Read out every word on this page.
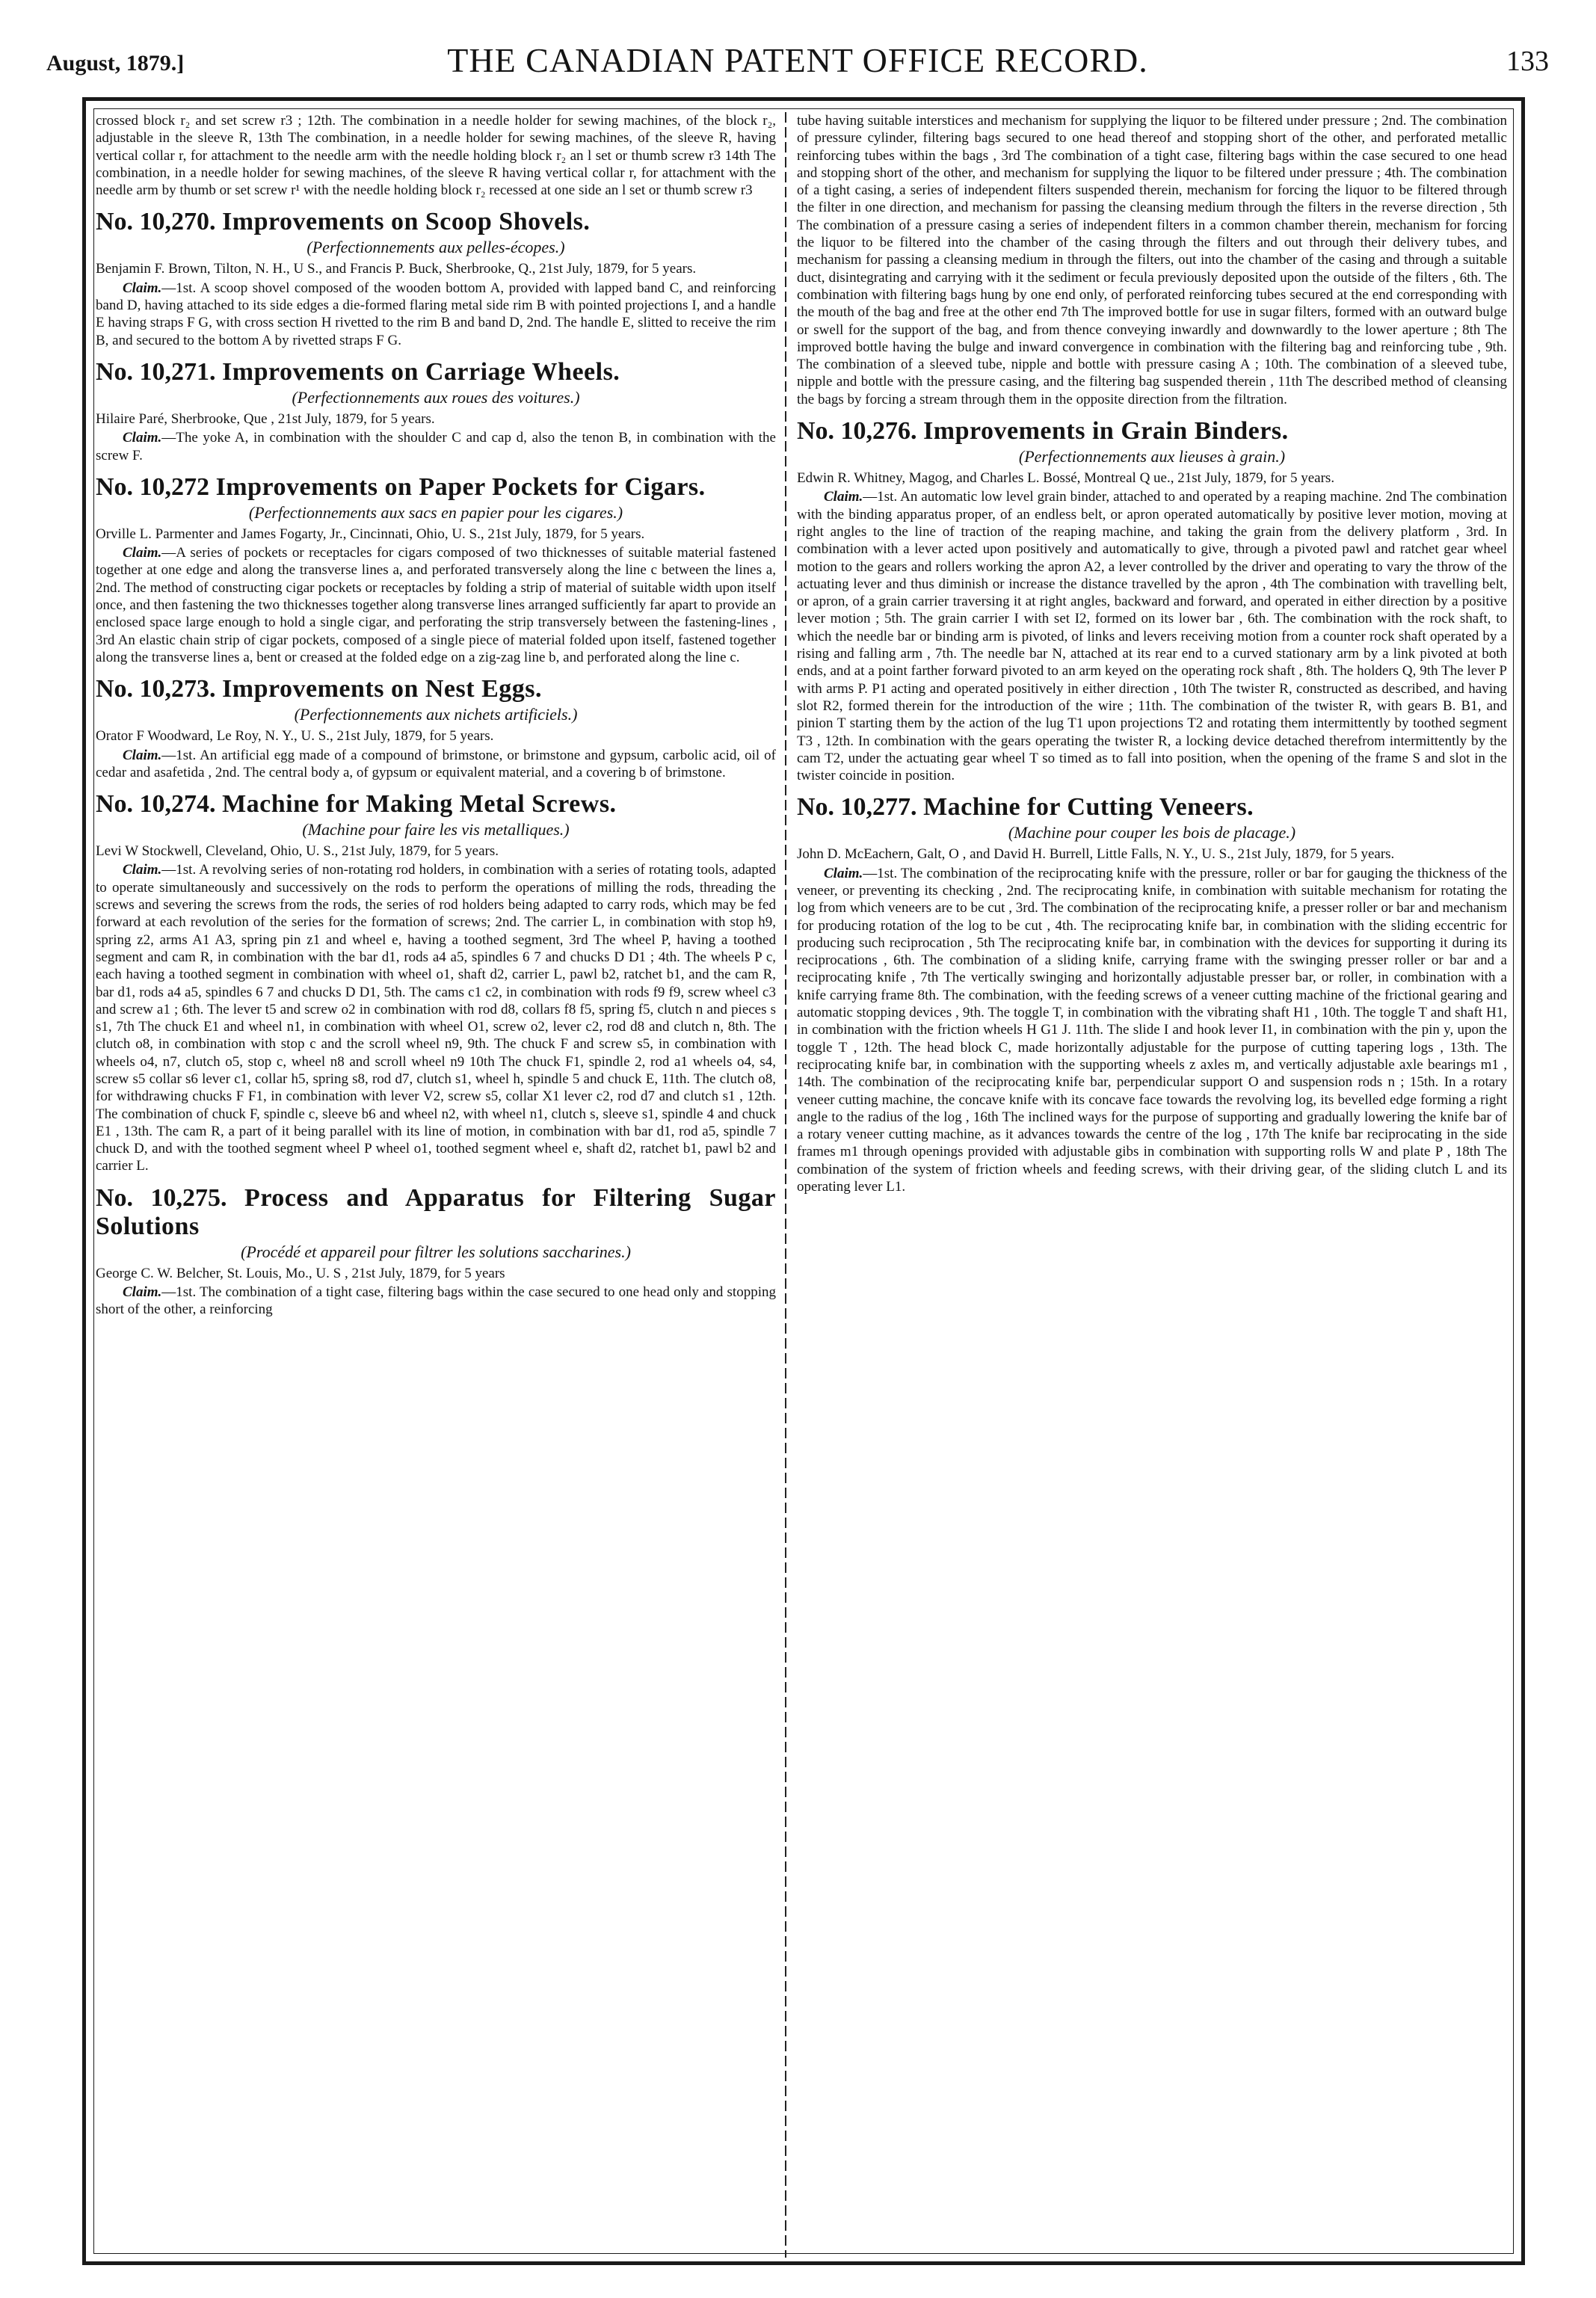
August, 1879.]	THE CANADIAN PATENT OFFICE RECORD.	133

crossed block r₂ and set screw r3 ; 12th. The combination in a needle holder for sewing machines, of the block r₂, adjustable in the sleeve R, 13th The combination, in a needle holder for sewing machines, of the sleeve R, having vertical collar r, for attachment to the needle arm with the needle holding block r₂ an l set or thumb screw r3 14th The combination, in a needle holder for sewing machines, of the sleeve R having vertical collar r, for attachment with the needle arm by thumb or set screw r¹ with the needle holding block r₂ recessed at one side an l set or thumb screw r3

No. 10,270. Improvements on Scoop Shovels.
(Perfectionnements aux pelles-écopes.)
Benjamin F. Brown, Tilton, N. H., U S., and Francis P. Buck, Sherbrooke, Q., 21st July, 1879, for 5 years.

Claim.—1st. A scoop shovel composed of the wooden bottom A, provided with lapped band C, and reinforcing band D, having attached to its side edges a die-formed flaring metal side rim B with pointed projections I, and a handle E having straps F G, with cross section H rivetted to the rim B and band D, 2nd. The handle E, slitted to receive the rim B, and secured to the bottom A by rivetted straps F G.

No. 10,271. Improvements on Carriage Wheels.
(Perfectionnements aux roues des voitures.)
Hilaire Paré, Sherbrooke, Que , 21st July, 1879, for 5 years.

Claim.—The yoke A, in combination with the shoulder C and cap d, also the tenon B, in combination with the screw F.

No. 10,272 Improvements on Paper Pockets for Cigars.
(Perfectionnements aux sacs en papier pour les cigares.)
Orville L. Parmenter and James Fogarty, Jr., Cincinnati, Ohio, U. S., 21st July, 1879, for 5 years.

Claim.—A series of pockets or receptacles for cigars composed of two thicknesses of suitable material fastened together at one edge and along the transverse lines a, and perforated transversely along the line c between the lines a, 2nd. The method of constructing cigar pockets or receptacles by folding a strip of material of suitable width upon itself once, and then fastening the two thicknesses together along transverse lines arranged sufficiently far apart to provide an enclosed space large enough to hold a single cigar, and perforating the strip transversely between the fastening-lines , 3rd An elastic chain strip of cigar pockets, composed of a single piece of material folded upon itself, fastened together along the transverse lines a, bent or creased at the folded edge on a zig-zag line b, and perforated along the line c.

No. 10,273. Improvements on Nest Eggs.
(Perfectionnements aux nichets artificiels.)
Orator F Woodward, Le Roy, N. Y., U. S., 21st July, 1879, for 5 years.

Claim.—1st. An artificial egg made of a compound of brimstone, or brimstone and gypsum, carbolic acid, oil of cedar and asafetida , 2nd. The central body a, of gypsum or equivalent material, and a covering b of brimstone.

No. 10,274. Machine for Making Metal Screws.
(Machine pour faire les vis metalliques.)
Levi W Stockwell, Cleveland, Ohio, U. S., 21st July, 1879, for 5 years.

Claim.—1st. A revolving series of non-rotating rod holders, in combination with a series of rotating tools, adapted to operate simultaneously and successively on the rods to perform the operations of milling the rods, threading the screws and severing the screws from the rods, the series of rod holders being adapted to carry rods, which may be fed forward at each revolution of the series for the formation of screws; 2nd. The carrier L, in combination with stop h9, spring z2, arms A1 A3, spring pin z1 and wheel e, having a toothed segment, 3rd The wheel P, having a toothed segment and cam R, in combination with the bar d1, rods a4 a5, spindles 6 7 and chucks D D1 ; 4th. The wheels P c, each having a toothed segment in combination with wheel o1, shaft d2, carrier L, pawl b2, ratchet b1, and the cam R, bar d1, rods a4 a5, spindles 6 7 and chucks D D1, 5th. The cams c1 c2, in combination with rods f9 f9, screw wheel c3 and screw a1 ; 6th. The lever t5 and screw o2 in combination with rod d8, collars f8 f5, spring f5, clutch n and pieces s s1, 7th The chuck E1 and wheel n1, in combination with wheel O1, screw o2, lever c2, rod d8 and clutch n, 8th. The clutch o8, in combination with stop c and the scroll wheel n9, 9th. The chuck F and screw s5, in combination with wheels o4, n7, clutch o5, stop c, wheel n8 and scroll wheel n9 10th The chuck F1, spindle 2, rod a1 wheels o4, s4, screw s5 collar s6 lever c1, collar h5, spring s8, rod d7, clutch s1, wheel h, spindle 5 and chuck E, 11th. The clutch o8, for withdrawing chucks F F1, in combination with lever V2, screw s5, collar X1 lever c2, rod d7 and clutch s1 , 12th. The combination of chuck F, spindle c, sleeve b6 and wheel n2, with wheel n1, clutch s, sleeve s1, spindle 4 and chuck E1 , 13th. The cam R, a part of it being parallel with its line of motion, in combination with bar d1, rod a5, spindle 7 chuck D, and with the toothed segment wheel P wheel o1, toothed segment wheel e, shaft d2, ratchet b1, pawl b2 and carrier L.

No. 10,275. Process and Apparatus for Filtering Sugar Solutions
(Procédé et appareil pour filtrer les solutions saccharines.)
George C. W. Belcher, St. Louis, Mo., U. S , 21st July, 1879, for 5 years

Claim.—1st. The combination of a tight case, filtering bags within the case secured to one head only and stopping short of the other, a reinforcing

tube having suitable interstices and mechanism for supplying the liquor to be filtered under pressure ; 2nd. The combination of pressure cylinder, filtering bags secured to one head thereof and stopping short of the other, and perforated metallic reinforcing tubes within the bags , 3rd The combination of a tight case, filtering bags within the case secured to one head and stopping short of the other, and mechanism for supplying the liquor to be filtered under pressure ; 4th. The combination of a tight casing, a series of independent filters suspended therein, mechanism for forcing the liquor to be filtered through the filter in one direction, and mechanism for passing the cleansing medium through the filters in the reverse direction , 5th The combination of a pressure casing a series of independent filters in a common chamber therein, mechanism for forcing the liquor to be filtered into the chamber of the casing through the filters and out through their delivery tubes, and mechanism for passing a cleansing medium in through the filters, out into the chamber of the casing and through a suitable duct, disintegrating and carrying with it the sediment or fecula previously deposited upon the outside of the filters , 6th. The combination with filtering bags hung by one end only, of perforated reinforcing tubes secured at the end corresponding with the mouth of the bag and free at the other end 7th The improved bottle for use in sugar filters, formed with an outward bulge or swell for the support of the bag, and from thence conveying inwardly and downwardly to the lower aperture ; 8th The improved bottle having the bulge and inward convergence in combination with the filtering bag and reinforcing tube , 9th. The combination of a sleeved tube, nipple and bottle with pressure casing A ; 10th. The combination of a sleeved tube, nipple and bottle with the pressure casing, and the filtering bag suspended therein , 11th The described method of cleansing the bags by forcing a stream through them in the opposite direction from the filtration.

No. 10,276. Improvements in Grain Binders.
(Perfectionnements aux lieuses à grain.)
Edwin R. Whitney, Magog, and Charles L. Bossé, Montreal Q ue., 21st July, 1879, for 5 years.

Claim.—1st. An automatic low level grain binder, attached to and operated by a reaping machine. 2nd The combination with the binding apparatus proper, of an endless belt, or apron operated automatically by positive lever motion, moving at right angles to the line of traction of the reaping machine, and taking the grain from the delivery platform , 3rd. In combination with a lever acted upon positively and automatically to give, through a pivoted pawl and ratchet gear wheel motion to the gears and rollers working the apron A2, a lever controlled by the driver and operating to vary the throw of the actuating lever and thus diminish or increase the distance travelled by the apron , 4th The combination with travelling belt, or apron, of a grain carrier traversing it at right angles, backward and forward, and operated in either direction by a positive lever motion ; 5th. The grain carrier I with set I2, formed on its lower bar , 6th. The combination with the rock shaft, to which the needle bar or binding arm is pivoted, of links and levers receiving motion from a counter rock shaft operated by a rising and falling arm , 7th. The needle bar N, attached at its rear end to a curved stationary arm by a link pivoted at both ends, and at a point farther forward pivoted to an arm keyed on the operating rock shaft , 8th. The holders Q, 9th The lever P with arms P. P1 acting and operated positively in either direction , 10th The twister R, constructed as described, and having slot R2, formed therein for the introduction of the wire ; 11th. The combination of the twister R, with gears B. B1, and pinion T starting them by the action of the lug T1 upon projections T2 and rotating them intermittently by toothed segment T3 , 12th. In combination with the gears operating the twister R, a locking device detached therefrom intermittently by the cam T2, under the actuating gear wheel T so timed as to fall into position, when the opening of the frame S and slot in the twister coincide in position.

No. 10,277. Machine for Cutting Veneers.
(Machine pour couper les bois de placage.)
John D. McEachern, Galt, O , and David H. Burrell, Little Falls, N. Y., U. S., 21st July, 1879, for 5 years.

Claim.—1st. The combination of the reciprocating knife with the pressure, roller or bar for gauging the thickness of the veneer, or preventing its checking , 2nd. The reciprocating knife, in combination with suitable mechanism for rotating the log from which veneers are to be cut , 3rd. The combination of the reciprocating knife, a presser roller or bar and mechanism for producing rotation of the log to be cut , 4th. The reciprocating knife bar, in combination with the sliding eccentric for producing such reciprocation , 5th The reciprocating knife bar, in combination with the devices for supporting it during its reciprocations , 6th. The combination of a sliding knife, carrying frame with the swinging presser roller or bar and a reciprocating knife , 7th The vertically swinging and horizontally adjustable presser bar, or roller, in combination with a knife carrying frame 8th. The combination, with the feeding screws of a veneer cutting machine of the frictional gearing and automatic stopping devices , 9th. The toggle T, in combination with the vibrating shaft H1 , 10th. The toggle T and shaft H1, in combination with the friction wheels H G1 J. 11th. The slide I and hook lever I1, in combination with the pin y, upon the toggle T , 12th. The head block C, made horizontally adjustable for the purpose of cutting tapering logs , 13th. The reciprocating knife bar, in combination with the supporting wheels z axles m, and vertically adjustable axle bearings m1 , 14th. The combination of the reciprocating knife bar, perpendicular support O and suspension rods n ; 15th. In a rotary veneer cutting machine, the concave knife with its concave face towards the revolving log, its bevelled edge forming a right angle to the radius of the log , 16th The inclined ways for the purpose of supporting and gradually lowering the knife bar of a rotary veneer cutting machine, as it advances towards the centre of the log , 17th The knife bar reciprocating in the side frames m1 through openings provided with adjustable gibs in combination with supporting rolls W and plate P , 18th The combination of the system of friction wheels and feeding screws, with their driving gear, of the sliding clutch L and its operating lever L1.
